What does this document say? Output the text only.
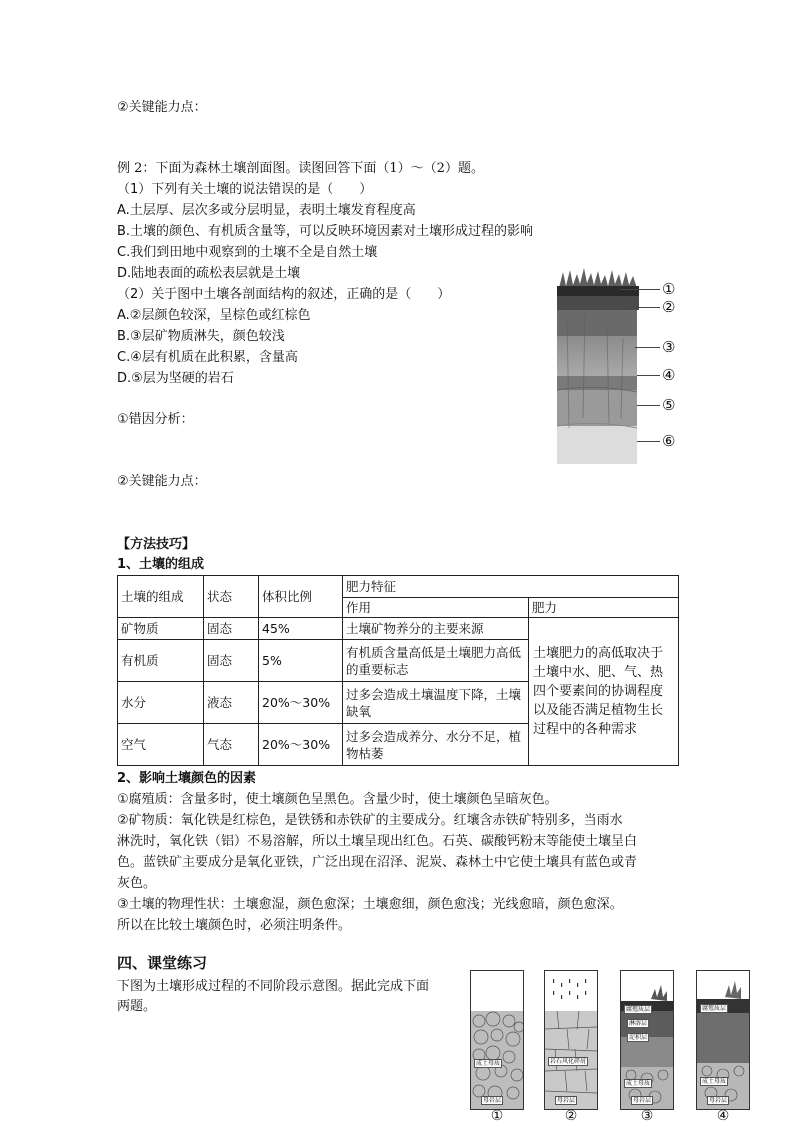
②关键能力点：
例 2：下面为森林土壤剖面图。读图回答下面（1）～（2）题。
（1）下列有关土壤的说法错误的是（　　）
A.土层厚、层次多或分层明显，表明土壤发育程度高
B.土壤的颜色、有机质含量等，可以反映环境因素对土壤形成过程的影响
C.我们到田地中观察到的土壤不全是自然土壤
D.陆地表面的疏松表层就是土壤
（2）关于图中土壤各剖面结构的叙述，正确的是（　　）
A.②层颜色较深，呈棕色或红棕色
B.③层矿物质淋失，颜色较浅
C.④层有机质在此积累，含量高
D.⑤层为坚硬的岩石
①错因分析：
②关键能力点：
①
②
③
④
⑤
⑥
【方法技巧】
1、土壤的组成
土壤的组成	状态	体积比例	肥力特征	
			作用	肥力
矿物质	固态	45%	土壤矿物养分的主要来源	土壤肥力的高低取决于土壤中水、肥、气、热四个要素间的协调程度以及能否满足植物生长过程中的各种需求
有机质	固态	5%	有机质含量高低是土壤肥力高低的重要标志	
水分	液态	20%～30%	过多会造成土壤温度下降，土壤缺氧	
空气	气态	20%～30%	过多会造成养分、水分不足，植物枯萎	
2、影响土壤颜色的因素
①腐殖质：含量多时，使土壤颜色呈黑色。含量少时，使土壤颜色呈暗灰色。
②矿物质：氧化铁是红棕色，是铁锈和赤铁矿的主要成分。红壤含赤铁矿特别多，当雨水
淋洗时，氧化铁（铝）不易溶解，所以土壤呈现出红色。石英、碳酸钙粉末等能使土壤呈白
色。蓝铁矿主要成分是氧化亚铁，广泛出现在沼泽、泥炭、森林土中它使土壤具有蓝色或青
灰色。
③土壤的物理性状：土壤愈湿，颜色愈深；土壤愈细，颜色愈浅；光线愈暗，颜色愈深。
所以在比较土壤颜色时，必须注明条件。
四、课堂练习
下图为土壤形成过程的不同阶段示意图。据此完成下面
两题。
成土母质
母岩层
岩石风化碎屑
母岩层
腐殖质层
淋溶层
淀积层
成土母质
母岩层
腐殖质层
成土母质
母岩层
①	②	③	④
